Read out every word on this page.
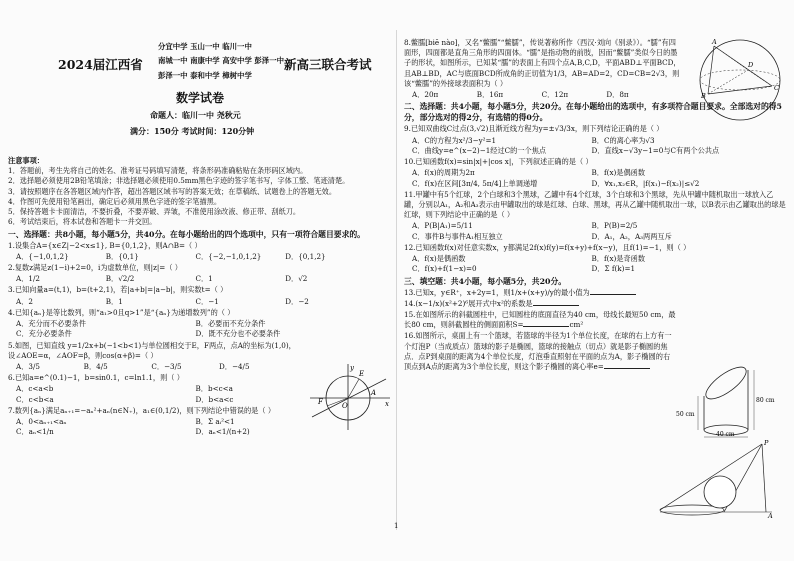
分宜中学 玉山一中 临川一中
南城一中 南康中学 高安中学 彭泽一中
彭泽一中 泰和中学 樟树中学
2024届江西省	新高三联合考试
数学试卷
命题人：临川一中 尧秋元
满分：150分 考试时间：120分钟
注意事项：

1．答题前，考生先将自己的姓名、准考证号码填写清楚，将条形码准确粘贴在条形码区域内。

2．选择题必须使用2B铅笔填涂；非选择题必须使用0.5mm黑色字迹的签字笔书写，字体工整、笔迹清楚。

3．请按照题序在各答题区域内作答，超出答题区域书写的答案无效；在草稿纸、试题卷上的答题无效。

4．作图可先使用铅笔画出，确定后必须用黑色字迹的签字笔描黑。

5．保持答题卡卡面清洁，不要折叠，不要弄破、弄皱，不准使用涂改液、修正带、刮纸刀。

6．考试结束后，将本试卷和答题卡一并交回。

一、选择题：共8小题，每小题5分，共40分。在每小题给出的四个选项中，只有一项符合题目要求的。
1.设集合A={x∈Z|−2<x≤1}, B={0,1,2}，则A∩B=（ ）
A．{−1,0,1,2}	B．{0,1}	C．{−2,−1,0,1,2}	D．{0,1,2}
2.复数z满足z(1−i)+2=0，i为虚数单位，则|z|=（ ）
A．1/2	B．√2/2	C．1	D．√2
3.已知向量a=(t,1)，b=(t+2,1)，若|a+b|=|a−b|，则实数t=（ ）
A．2	B．1	C．−1	D．−2
4.已知{aₙ}是等比数列，则“a₁>0且q>1”是“{aₙ}为递增数列”的（ ）
A．充分而不必要条件	B．必要而不充分条件
C．充分必要条件	D．既不充分也不必要条件
5.如图，已知直线 y=1/2x+b(−1<b<1)与单位圆相交于E，F两点，点A的坐标为(1,0)，设∠AOE=α，∠AOF=β，则cos(α+β)=（ ）
A．3/5	B．4/5	C．−3/5	D．−4/5
6.已知a=e^(0.1)−1，b=sin0.1，c=ln1.1，则（ ）
A．c<a<b	B．b<c<a
C．c<b<a	D．b<a<c
7.数列{aₙ}满足aₙ₊₁=−aₙ²+aₙ(n∈N₊)，a₁∈(0,1/2)，则下列结论中错误的是（ ）
A．0<aₙ₊₁<aₙ	B．Σ aᵢ²<1
C．aₙ<1/n	D．aₙ<1/(n+2)
y
E
F	O
A
x
8.鳖臑[biē nào]，又名“鳖臑”“鳖臑”，传说著称所作（西汉·刘向《别录》）。“臑”有四面形，四面都是直角三角形的四面体。“臑”是指动物的前肢，因而“鳖臑”类似今日的墨子的形状，如图所示，已知某“臑”的表面上有四个点A,B,C,D，平面ABD⊥平面BCD，且AB⊥BD，AC与底面BCD所成角的正切值为1/3，AB=AD=2，CD=CB=2√3，则该“鳖臑”的外接球表面积为（ ）
A．20π	B．16π	C．12π	D．8π
二、选择题：共4小题，每小题5分，共20分。在每小题给出的选项中，有多项符合题目要求。全部选对的得5分，部分选对的得2分，有选错的得0分。
9.已知双曲线C过点(3,√2)且渐近线方程为y=±√3/3x，则下列结论正确的是（ ）
A．C的方程为x²/3−y²=1	B．C的离心率为√3
C．曲线y=e^(x−2)−1经过C的一个焦点	D．直线x−√3y−1=0与C有两个公共点
10.已知函数f(x)=sin|x|+|cos x|，下列叙述正确的是（ ）
A．f(x)的周期为2π	B．f(x)是偶函数
C．f(x)在区间[3π/4, 5π/4]上单调递增	D．∀x₁,x₂∈R，|f(x₁)−f(x₂)|≤√2
11.甲罐中有5个红球，2个白球和3个黑球，乙罐中有4个红球，3个白球和3个黑球，先从甲罐中随机取出一球放入乙罐，分别以A₁，A₂和A₃表示由甲罐取出的球是红球、白球、黑球，再从乙罐中随机取出一球，以B表示由乙罐取出的球是红球，则下列结论中正确的是（ ）
A．P(B|A₁)=5/11	B．P(B)=2/5
C．事件B与事件A₁相互独立	D．A₁，A₂，A₃两两互斥
12.已知函数f(x)对任意实数x，y都满足2f(x)f(y)=f(x+y)+f(x−y)，且f(1)=−1，则（ ）
A．f(x)是偶函数	B．f(x)是奇函数
C．f(x)+f(1−x)=0	D．Σ f(k)=1
三、填空题：共4小题，每小题5分，共20分。
13.已知x，y∈R⁺，x+2y=1，则1/x+(x+y)/y的最小值为
14.(x−1/x)(x²+2)⁶展开式中x²的系数是
15.在如图所示的斜截圆柱中，已知圆柱的底面直径为40 cm，母线长最短50 cm，最长80 cm，则斜截圆柱的侧面面积S=	cm²
16.如图所示，桌面上有一个篮球，若篮球的半径为1个单位长度，在球的右上方有一个灯泡P（当成质点）篮球的影子是椭圆，篮球的接触点（切点）就是影子椭圆的焦点．点P到桌面的距离为4个单位长度，灯泡垂直照射在平面的点为A，影子椭圆的右顶点到A点的距离为3个单位长度，则这个影子椭圆的离心率e=
A
B
C
D
50 cm
80 cm
40 cm
P
A
1
